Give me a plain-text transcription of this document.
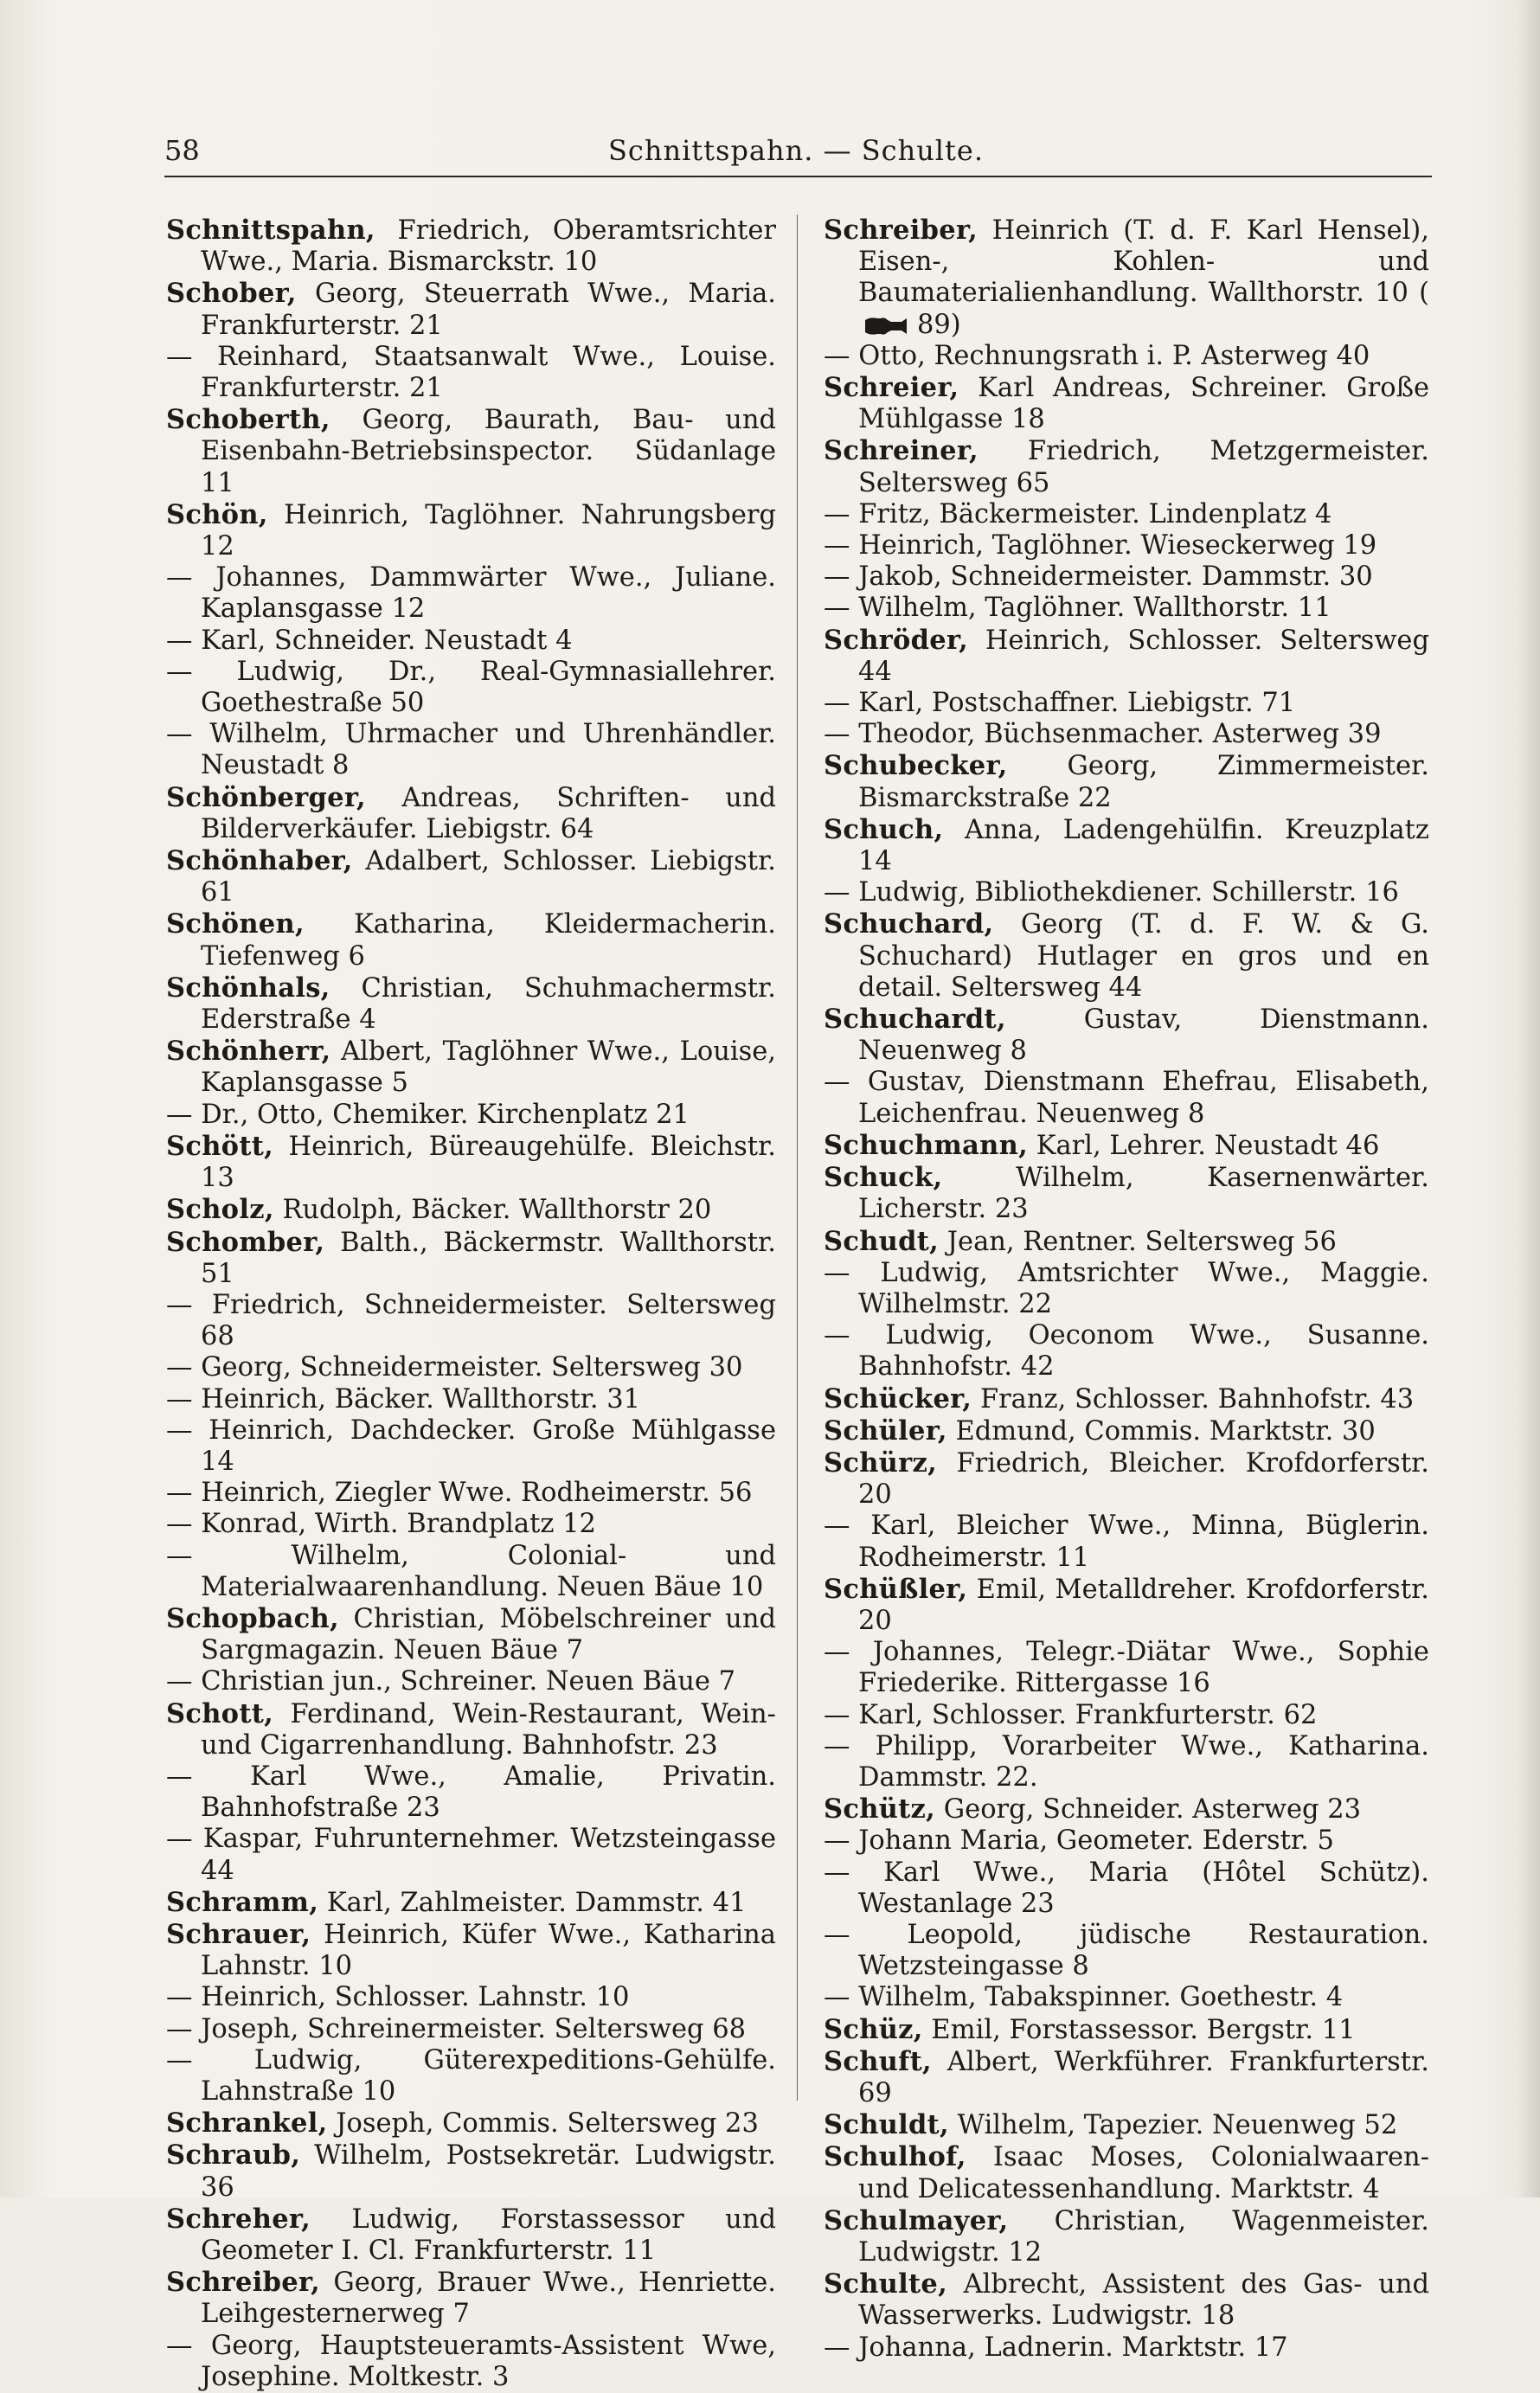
58	Schnittspahn. — Schulte.
Schnittspahn, Friedrich, Oberamtsrichter Wwe., Maria. Bismarckstr. 10
Schober, Georg, Steuerrath Wwe., Maria. Frankfurterstr. 21
— Reinhard, Staatsanwalt Wwe., Louise. Frankfurterstr. 21
Schoberth, Georg, Baurath, Bau- und Eisenbahn-Betriebsinspector. Südanlage 11
Schön, Heinrich, Taglöhner. Nahrungsberg 12
— Johannes, Dammwärter Wwe., Juliane. Kaplansgasse 12
— Karl, Schneider. Neustadt 4
— Ludwig, Dr., Real-Gymnasiallehrer. Goethestraße 50
— Wilhelm, Uhrmacher und Uhrenhändler. Neustadt 8
Schönberger, Andreas, Schriften- und Bilderverkäufer. Liebigstr. 64
Schönhaber, Adalbert, Schlosser. Liebigstr. 61
Schönen, Katharina, Kleidermacherin. Tiefenweg 6
Schönhals, Christian, Schuhmachermstr. Ederstraße 4
Schönherr, Albert, Taglöhner Wwe., Louise, Kaplansgasse 5
— Dr., Otto, Chemiker. Kirchenplatz 21
Schött, Heinrich, Büreaugehülfe. Bleichstr. 13
Scholz, Rudolph, Bäcker. Wallthorstr 20
Schomber, Balth., Bäckermstr. Wallthorstr. 51
— Friedrich, Schneidermeister. Seltersweg 68
— Georg, Schneidermeister. Seltersweg 30
— Heinrich, Bäcker. Wallthorstr. 31
— Heinrich, Dachdecker. Große Mühlgasse 14
— Heinrich, Ziegler Wwe. Rodheimerstr. 56
— Konrad, Wirth. Brandplatz 12
— Wilhelm, Colonial- und Materialwaarenhandlung. Neuen Bäue 10
Schopbach, Christian, Möbelschreiner und Sargmagazin. Neuen Bäue 7
— Christian jun., Schreiner. Neuen Bäue 7
Schott, Ferdinand, Wein-Restaurant, Wein- und Cigarrenhandlung. Bahnhofstr. 23
— Karl Wwe., Amalie, Privatin. Bahnhofstraße 23
— Kaspar, Fuhrunternehmer. Wetzsteingasse 44
Schramm, Karl, Zahlmeister. Dammstr. 41
Schrauer, Heinrich, Küfer Wwe., Katharina Lahnstr. 10
— Heinrich, Schlosser. Lahnstr. 10
— Joseph, Schreinermeister. Seltersweg 68
— Ludwig, Güterexpeditions-Gehülfe. Lahnstraße 10
Schrankel, Joseph, Commis. Seltersweg 23
Schraub, Wilhelm, Postsekretär. Ludwigstr. 36
Schreher, Ludwig, Forstassessor und Geometer I. Cl. Frankfurterstr. 11
Schreiber, Georg, Brauer Wwe., Henriette. Leihgesternerweg 7
— Georg, Hauptsteueramts-Assistent Wwe, Josephine. Moltkestr. 3
Schreiber, Heinrich (T. d. F. Karl Hensel), Eisen-, Kohlen- und Baumaterialienhandlung. Wallthorstr. 10 (89)
— Otto, Rechnungsrath i. P. Asterweg 40
Schreier, Karl Andreas, Schreiner. Große Mühlgasse 18
Schreiner, Friedrich, Metzgermeister. Seltersweg 65
— Fritz, Bäckermeister. Lindenplatz 4
— Heinrich, Taglöhner. Wieseckerweg 19
— Jakob, Schneidermeister. Dammstr. 30
— Wilhelm, Taglöhner. Wallthorstr. 11
Schröder, Heinrich, Schlosser. Seltersweg 44
— Karl, Postschaffner. Liebigstr. 71
— Theodor, Büchsenmacher. Asterweg 39
Schubecker, Georg, Zimmermeister. Bismarckstraße 22
Schuch, Anna, Ladengehülfin. Kreuzplatz 14
— Ludwig, Bibliothekdiener. Schillerstr. 16
Schuchard, Georg (T. d. F. W. & G. Schuchard) Hutlager en gros und en detail. Seltersweg 44
Schuchardt,	Gustav, Dienstmann. Neuenweg 8
— Gustav, Dienstmann Ehefrau, Elisabeth, Leichenfrau. Neuenweg 8
Schuchmann, Karl, Lehrer. Neustadt 46
Schuck,	Wilhelm, Kasernenwärter. Licherstr. 23
Schudt, Jean, Rentner. Seltersweg 56
— Ludwig, Amtsrichter Wwe., Maggie. Wilhelmstr. 22
— Ludwig, Oeconom Wwe., Susanne. Bahnhofstr. 42
Schücker, Franz, Schlosser. Bahnhofstr. 43
Schüler, Edmund, Commis. Marktstr. 30
Schürz, Friedrich, Bleicher. Krofdorferstr. 20
— Karl, Bleicher Wwe., Minna, Büglerin. Rodheimerstr. 11
Schüßler, Emil, Metalldreher. Krofdorferstr. 20
— Johannes, Telegr.-Diätar Wwe., Sophie Friederike. Rittergasse 16
— Karl, Schlosser. Frankfurterstr. 62
— Philipp, Vorarbeiter Wwe., Katharina. Dammstr. 22.
Schütz, Georg, Schneider. Asterweg 23
— Johann Maria, Geometer. Ederstr. 5
— Karl Wwe., Maria (Hôtel Schütz). Westanlage 23
— Leopold, jüdische Restauration. Wetzsteingasse 8
— Wilhelm, Tabakspinner. Goethestr. 4
Schüz, Emil, Forstassessor. Bergstr. 11
Schuft, Albert, Werkführer. Frankfurterstr. 69
Schuldt, Wilhelm, Tapezier. Neuenweg 52
Schulhof, Isaac Moses, Colonialwaaren- und Delicatessenhandlung. Marktstr. 4
Schulmayer, Christian, Wagenmeister. Ludwigstr. 12
Schulte, Albrecht, Assistent des Gas- und Wasserwerks. Ludwigstr. 18
— Johanna, Ladnerin. Marktstr. 17
